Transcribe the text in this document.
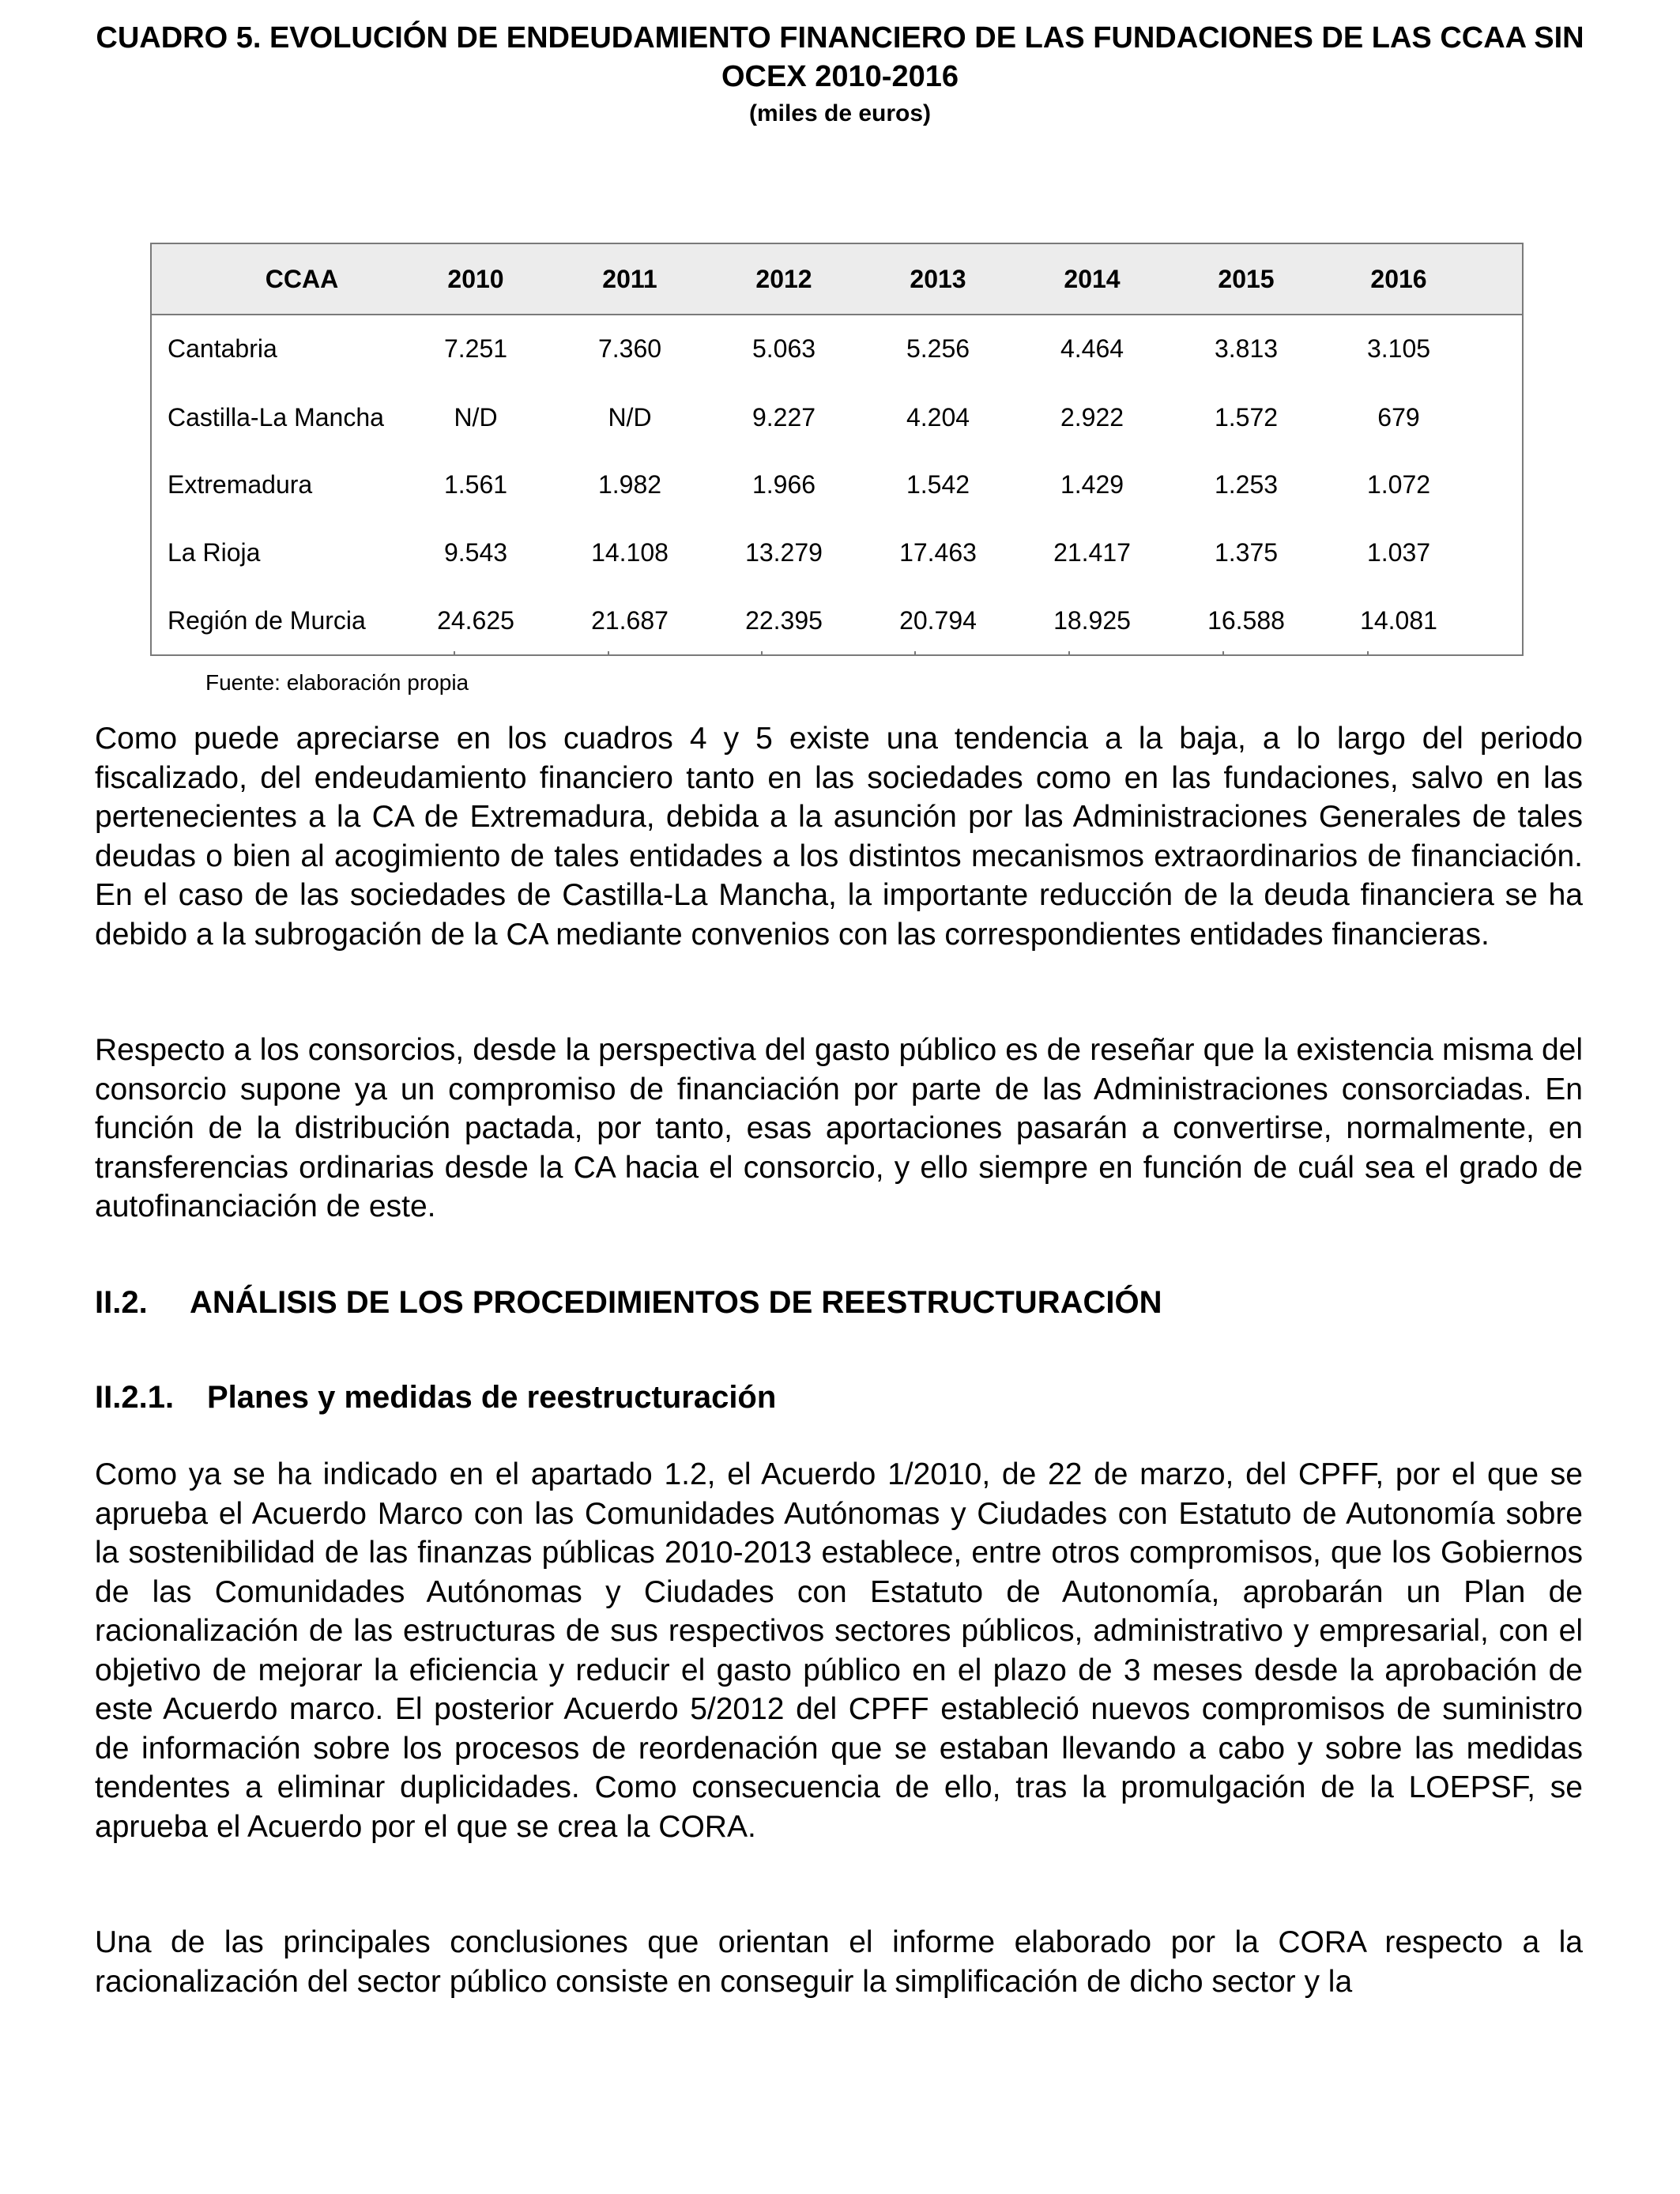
CUADRO 5. EVOLUCIÓN DE ENDEUDAMIENTO FINANCIERO DE LAS FUNDACIONES DE LAS CCAA SIN OCEX 2010-2016
(miles de euros)
CCAA	2010	2011	2012	2013	2014	2015	2016
Cantabria	7.251	7.360	5.063	5.256	4.464	3.813	3.105
Castilla-La Mancha	N/D	N/D	9.227	4.204	2.922	1.572	679
Extremadura	1.561	1.982	1.966	1.542	1.429	1.253	1.072
La Rioja	9.543	14.108	13.279	17.463	21.417	1.375	1.037
Región de Murcia	24.625	21.687	22.395	20.794	18.925	16.588	14.081
Fuente: elaboración propia

Como puede apreciarse en los cuadros 4 y 5 existe una tendencia a la baja, a lo largo del periodo fiscalizado, del endeudamiento financiero tanto en las sociedades como en las fundaciones, salvo en las pertenecientes a la CA de Extremadura, debida a la asunción por las Administraciones Generales de tales deudas o bien al acogimiento de tales entidades a los distintos mecanismos extraordinarios de financiación. En el caso de las sociedades de Castilla-La Mancha, la importante reducción de la deuda financiera se ha debido a la subrogación de la CA mediante convenios con las correspondientes entidades financieras.

Respecto a los consorcios, desde la perspectiva del gasto público es de reseñar que la existencia misma del consorcio supone ya un compromiso de financiación por parte de las Administraciones consorciadas. En función de la distribución pactada, por tanto, esas aportaciones pasarán a convertirse, normalmente, en transferencias ordinarias desde la CA hacia el consorcio, y ello siempre en función de cuál sea el grado de autofinanciación de este.

II.2. ANÁLISIS DE LOS PROCEDIMIENTOS DE REESTRUCTURACIÓN
II.2.1. Planes y medidas de reestructuración

Como ya se ha indicado en el apartado 1.2, el Acuerdo 1/2010, de 22 de marzo, del CPFF, por el que se aprueba el Acuerdo Marco con las Comunidades Autónomas y Ciudades con Estatuto de Autonomía sobre la sostenibilidad de las finanzas públicas 2010-2013 establece, entre otros compromisos, que los Gobiernos de las Comunidades Autónomas y Ciudades con Estatuto de Autonomía, aprobarán un Plan de racionalización de las estructuras de sus respectivos sectores públicos, administrativo y empresarial, con el objetivo de mejorar la eficiencia y reducir el gasto público en el plazo de 3 meses desde la aprobación de este Acuerdo marco. El posterior Acuerdo 5/2012 del CPFF estableció nuevos compromisos de suministro de información sobre los procesos de reordenación que se estaban llevando a cabo y sobre las medidas tendentes a eliminar duplicidades. Como consecuencia de ello, tras la promulgación de la LOEPSF, se aprueba el Acuerdo por el que se crea la CORA.

Una de las principales conclusiones que orientan el informe elaborado por la CORA respecto a la racionalización del sector público consiste en conseguir la simplificación de dicho sector y la
